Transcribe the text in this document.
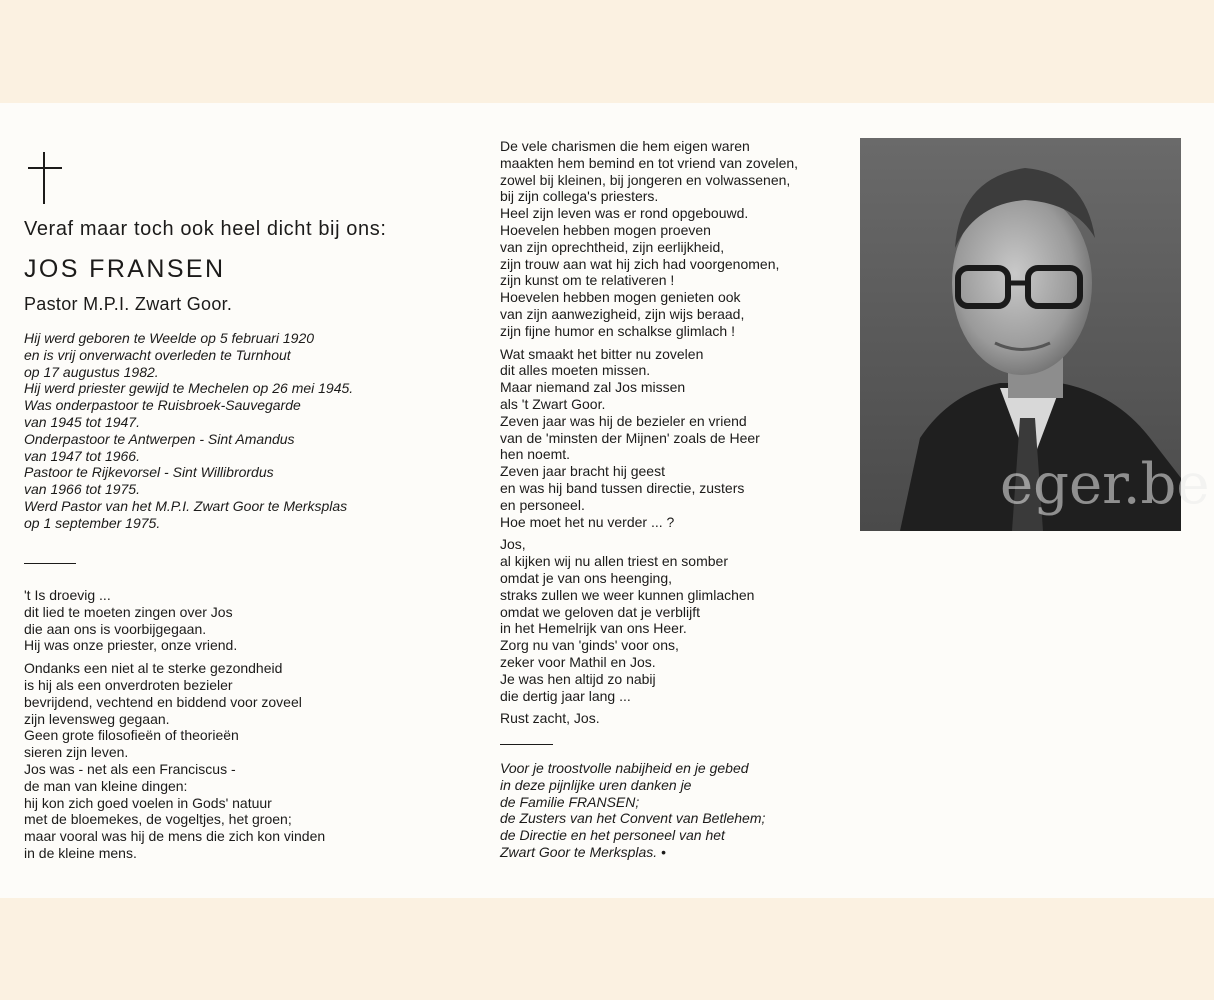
Veraf maar toch ook heel dicht bij ons:
JOS FRANSEN
Pastor M.P.I. Zwart Goor.
Hij werd geboren te Weelde op 5 februari 1920
en is vrij onverwacht overleden te Turnhout
op 17 augustus 1982.
Hij werd priester gewijd te Mechelen op 26 mei 1945.
Was onderpastoor te Ruisbroek-Sauvegarde
van 1945 tot 1947.
Onderpastoor te Antwerpen - Sint Amandus
van 1947 tot 1966.
Pastoor te Rijkevorsel - Sint Willibrordus
van 1966 tot 1975.
Werd Pastor van het M.P.I. Zwart Goor te Merksplas
op 1 september 1975.
't Is droevig ...
dit lied te moeten zingen over Jos
die aan ons is voorbijgegaan.
Hij was onze priester, onze vriend.
Ondanks een niet al te sterke gezondheid
is hij als een onverdroten bezieler
bevrijdend, vechtend en biddend voor zoveel
zijn levensweg gegaan.
Geen grote filosofieën of theorieën
sieren zijn leven.
Jos was - net als een Franciscus -
de man van kleine dingen:
hij kon zich goed voelen in Gods' natuur
met de bloemekes, de vogeltjes, het groen;
maar vooral was hij de mens die zich kon vinden
in de kleine mens.
De vele charismen die hem eigen waren
maakten hem bemind en tot vriend van zovelen,
zowel bij kleinen, bij jongeren en volwassenen,
bij zijn collega's priesters.
Heel zijn leven was er rond opgebouwd.
Hoevelen hebben mogen proeven
van zijn oprechtheid, zijn eerlijkheid,
zijn trouw aan wat hij zich had voorgenomen,
zijn kunst om te relativeren !
Hoevelen hebben mogen genieten ook
van zijn aanwezigheid, zijn wijs beraad,
zijn fijne humor en schalkse glimlach !
Wat smaakt het bitter nu zovelen
dit alles moeten missen.
Maar niemand zal Jos missen
als 't Zwart Goor.
Zeven jaar was hij de bezieler en vriend
van de 'minsten der Mijnen' zoals de Heer
hen noemt.
Zeven jaar bracht hij geest
en was hij band tussen directie, zusters
en personeel.
Hoe moet het nu verder ... ?
Jos,
al kijken wij nu allen triest en somber
omdat je van ons heenging,
straks zullen we weer kunnen glimlachen
omdat we geloven dat je verblijft
in het Hemelrijk van ons Heer.
Zorg nu van 'ginds' voor ons,
zeker voor Mathil en Jos.
Je was hen altijd zo nabij
die dertig jaar lang ...
Rust zacht, Jos.
Voor je troostvolle nabijheid en je gebed
in deze pijnlijke uren danken je
de Familie FRANSEN;
de Zusters van het Convent van Betlehem;
de Directie en het personeel van het
Zwart Goor te Merksplas. •
eger.be
